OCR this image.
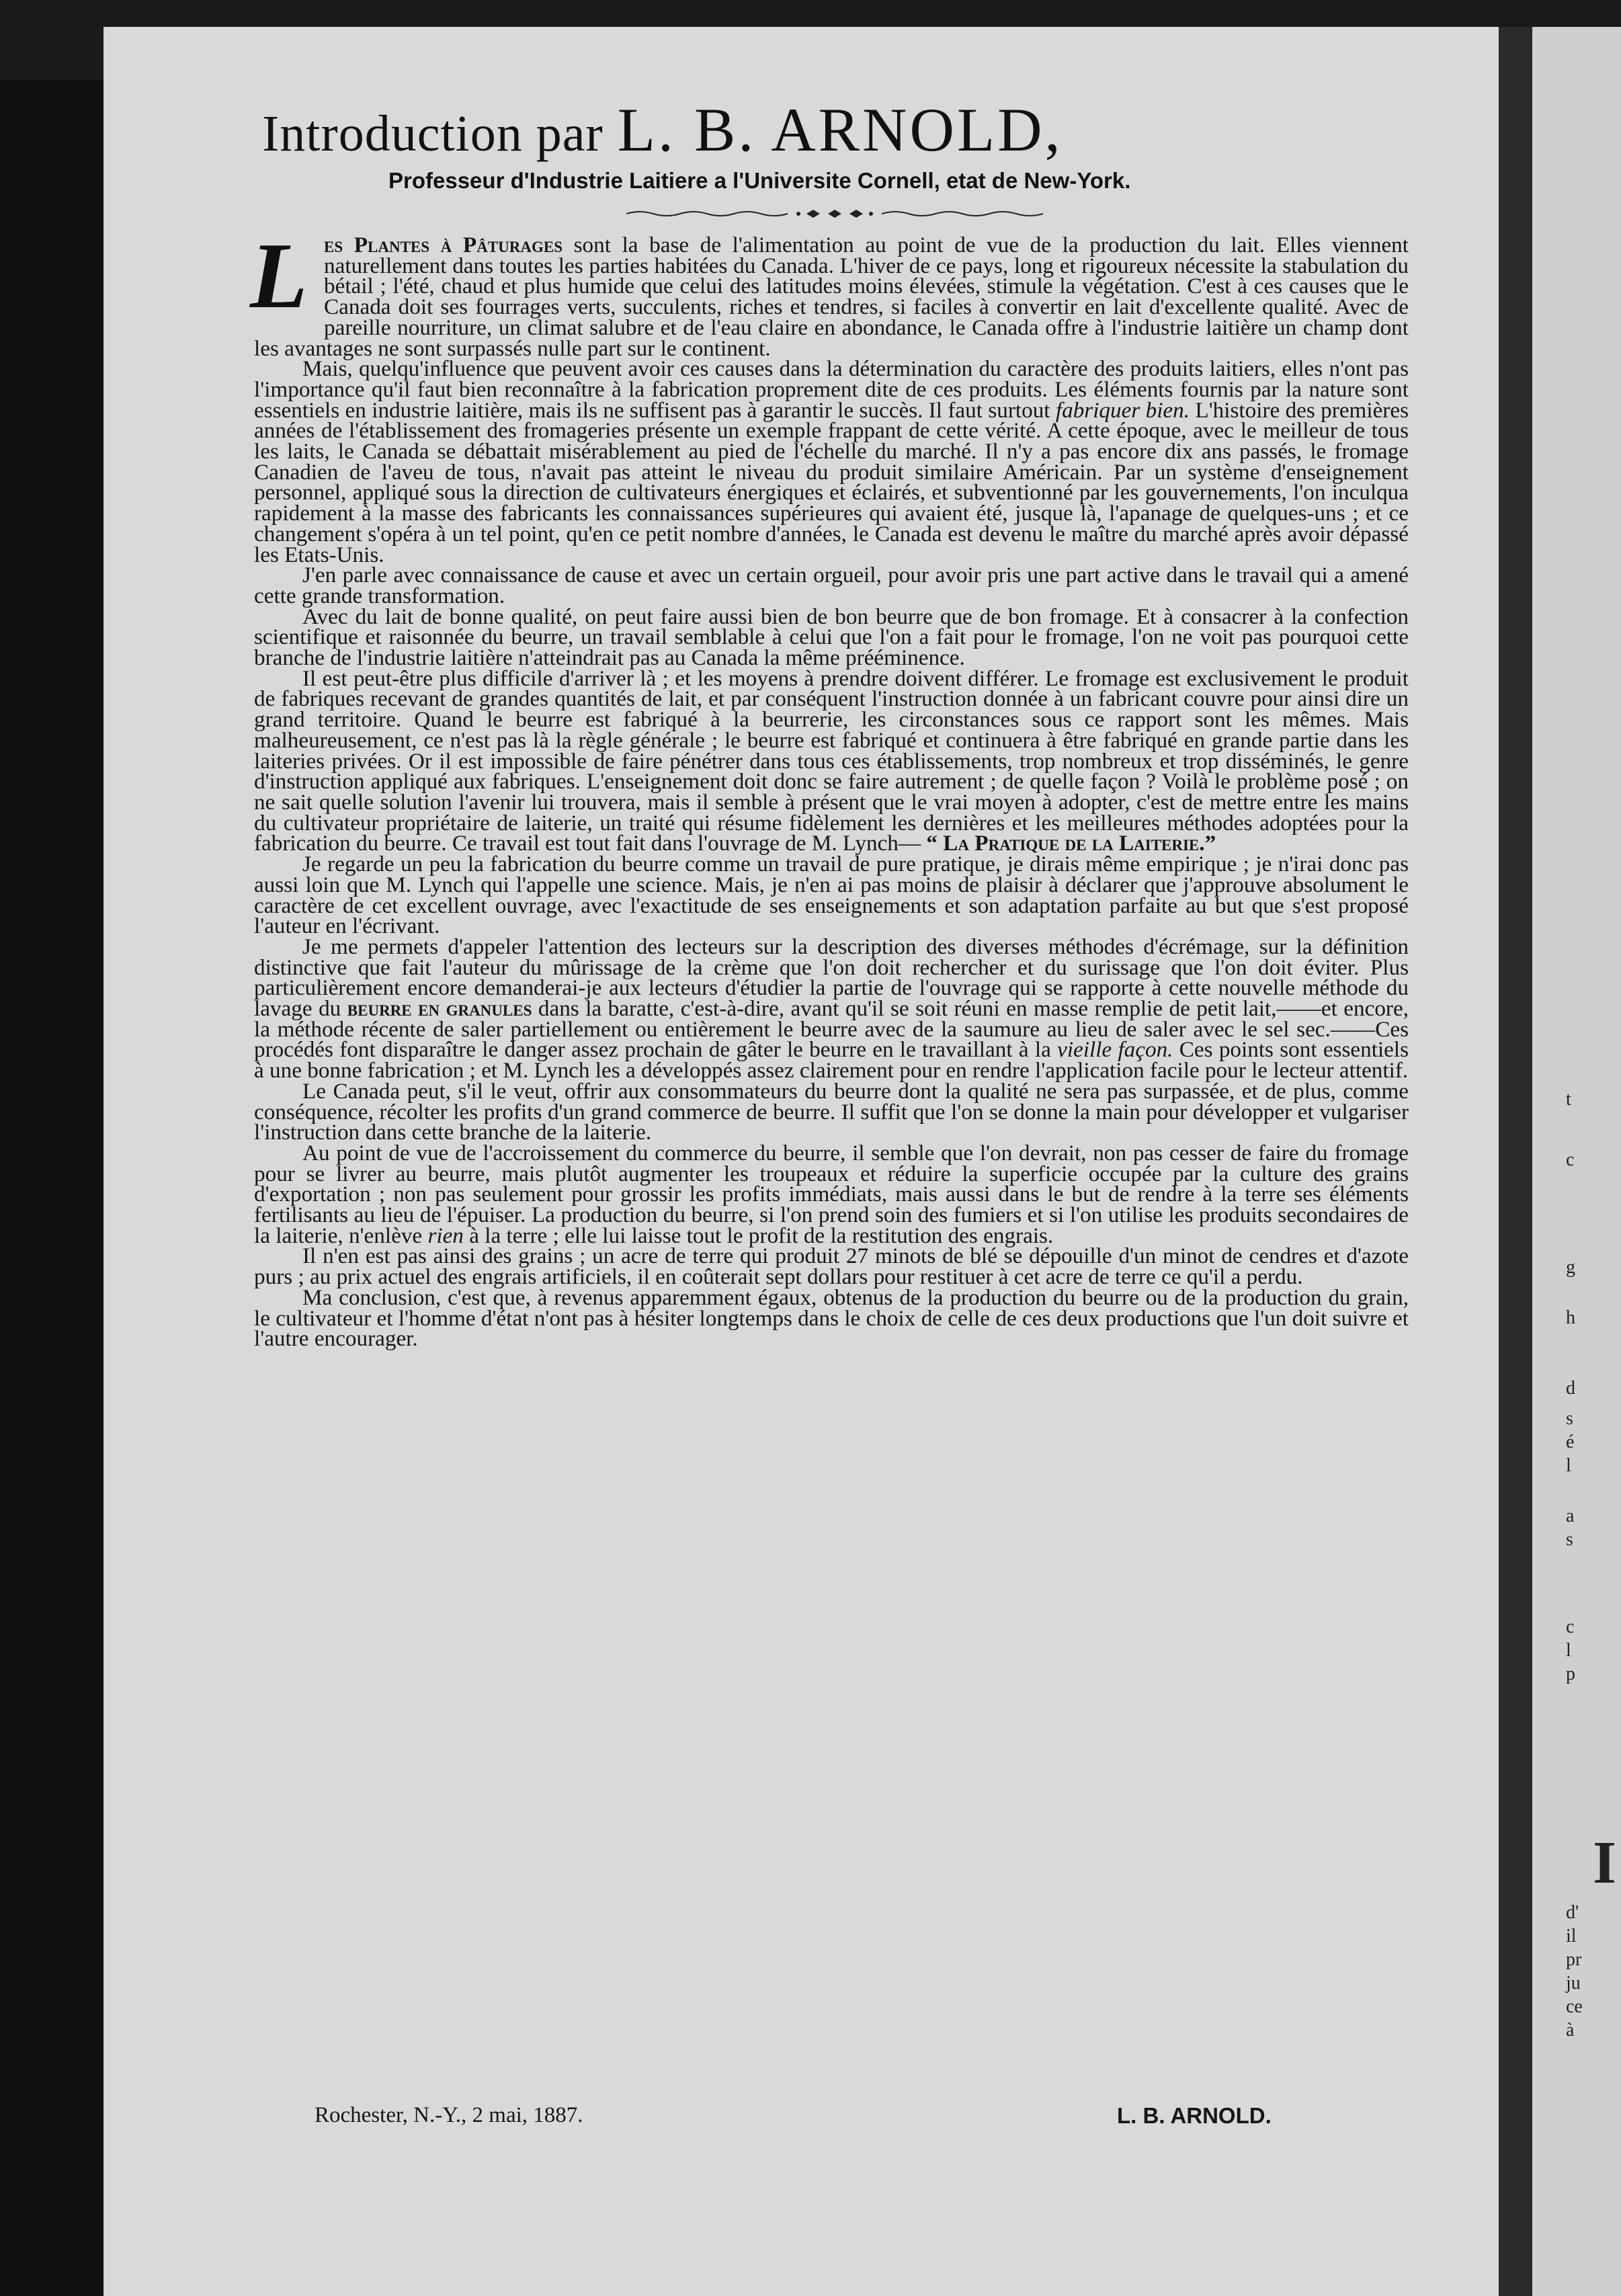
t
c
g
h
d
s
é
l
a
s
c
l
p
I
d'
il
pr
ju
ce
à
Introduction par L. B. ARNOLD,
Professeur d'Industrie Laitiere a l'Universite Cornell, etat de New-York.

L es Plantes à Pâturages sont la base de l'alimentation au point de vue de la production du lait. Elles viennent naturellement dans toutes les parties habitées du Canada. L'hiver de ce pays, long et rigoureux nécessite la stabulation du bétail ; l'été, chaud et plus humide que celui des latitudes moins élevées, stimule la végétation. C'est à ces causes que le Canada doit ses fourrages verts, succulents, riches et tendres, si faciles à convertir en lait d'excellente qualité. Avec de pareille nourriture, un climat salubre et de l'eau claire en abondance, le Canada offre à l'industrie laitière un champ dont les avantages ne sont surpassés nulle part sur le continent.

Mais, quelqu'influence que peuvent avoir ces causes dans la détermination du caractère des produits laitiers, elles n'ont pas l'importance qu'il faut bien reconnaître à la fabrication proprement dite de ces produits. Les éléments fournis par la nature sont essentiels en industrie laitière, mais ils ne suffisent pas à garantir le succès. Il faut surtout fabriquer bien. L'histoire des premières années de l'établissement des fromageries présente un exemple frappant de cette vérité. A cette époque, avec le meilleur de tous les laits, le Canada se débattait misérablement au pied de l'échelle du marché. Il n'y a pas encore dix ans passés, le fromage Canadien de l'aveu de tous, n'avait pas atteint le niveau du produit similaire Américain. Par un système d'enseignement personnel, appliqué sous la direction de cultivateurs énergiques et éclairés, et subventionné par les gouvernements, l'on inculqua rapidement à la masse des fabricants les connaissances supérieures qui avaient été, jusque là, l'apanage de quelques-uns ; et ce changement s'opéra à un tel point, qu'en ce petit nombre d'années, le Canada est devenu le maître du marché après avoir dépassé les Etats-Unis.

J'en parle avec connaissance de cause et avec un certain orgueil, pour avoir pris une part active dans le travail qui a amené cette grande transformation.

Avec du lait de bonne qualité, on peut faire aussi bien de bon beurre que de bon fromage. Et à consacrer à la confection scientifique et raisonnée du beurre, un travail semblable à celui que l'on a fait pour le fromage, l'on ne voit pas pourquoi cette branche de l'industrie laitière n'atteindrait pas au Canada la même prééminence.

Il est peut-être plus difficile d'arriver là ; et les moyens à prendre doivent différer. Le fromage est exclusivement le produit de fabriques recevant de grandes quantités de lait, et par conséquent l'instruction donnée à un fabricant couvre pour ainsi dire un grand territoire. Quand le beurre est fabriqué à la beurrerie, les circonstances sous ce rapport sont les mêmes. Mais malheureusement, ce n'est pas là la règle générale ; le beurre est fabriqué et continuera à être fabriqué en grande partie dans les laiteries privées. Or il est impossible de faire pénétrer dans tous ces établissements, trop nombreux et trop disséminés, le genre d'instruction appliqué aux fabriques. L'enseignement doit donc se faire autrement ; de quelle façon ? Voilà le problème posé ; on ne sait quelle solution l'avenir lui trouvera, mais il semble à présent que le vrai moyen à adopter, c'est de mettre entre les mains du cultivateur propriétaire de laiterie, un traité qui résume fidèlement les dernières et les meilleures méthodes adoptées pour la fabrication du beurre. Ce travail est tout fait dans l'ouvrage de M. Lynch— “ La Pratique de la Laiterie.”

Je regarde un peu la fabrication du beurre comme un travail de pure pratique, je dirais même empirique ; je n'irai donc pas aussi loin que M. Lynch qui l'appelle une science. Mais, je n'en ai pas moins de plaisir à déclarer que j'approuve absolument le caractère de cet excellent ouvrage, avec l'exactitude de ses enseignements et son adaptation parfaite au but que s'est proposé l'auteur en l'écrivant.

Je me permets d'appeler l'attention des lecteurs sur la description des diverses méthodes d'écrémage, sur la définition distinctive que fait l'auteur du mûrissage de la crème que l'on doit rechercher et du surissage que l'on doit éviter. Plus particulièrement encore demanderai-je aux lecteurs d'étudier la partie de l'ouvrage qui se rapporte à cette nouvelle méthode du lavage du beurre en granules dans la baratte, c'est-à-dire, avant qu'il se soit réuni en masse remplie de petit lait,——et encore, la méthode récente de saler partiellement ou entièrement le beurre avec de la saumure au lieu de saler avec le sel sec.——Ces procédés font disparaître le danger assez prochain de gâter le beurre en le travaillant à la vieille façon. Ces points sont essentiels à une bonne fabrication ; et M. Lynch les a développés assez clairement pour en rendre l'application facile pour le lecteur attentif.

Le Canada peut, s'il le veut, offrir aux consommateurs du beurre dont la qualité ne sera pas surpassée, et de plus, comme conséquence, récolter les profits d'un grand commerce de beurre. Il suffit que l'on se donne la main pour développer et vulgariser l'instruction dans cette branche de la laiterie.

Au point de vue de l'accroissement du commerce du beurre, il semble que l'on devrait, non pas cesser de faire du fromage pour se livrer au beurre, mais plutôt augmenter les troupeaux et réduire la superficie occupée par la culture des grains d'exportation ; non pas seulement pour grossir les profits immédiats, mais aussi dans le but de rendre à la terre ses éléments fertilisants au lieu de l'épuiser. La production du beurre, si l'on prend soin des fumiers et si l'on utilise les produits secondaires de la laiterie, n'enlève rien à la terre ; elle lui laisse tout le profit de la restitution des engrais.

Il n'en est pas ainsi des grains ; un acre de terre qui produit 27 minots de blé se dépouille d'un minot de cendres et d'azote purs ; au prix actuel des engrais artificiels, il en coûterait sept dollars pour restituer à cet acre de terre ce qu'il a perdu.

Ma conclusion, c'est que, à revenus apparemment égaux, obtenus de la production du beurre ou de la production du grain, le cultivateur et l'homme d'état n'ont pas à hésiter longtemps dans le choix de celle de ces deux productions que l'un doit suivre et l'autre encourager.

Rochester, N.-Y., 2 mai, 1887.	L. B. ARNOLD.
